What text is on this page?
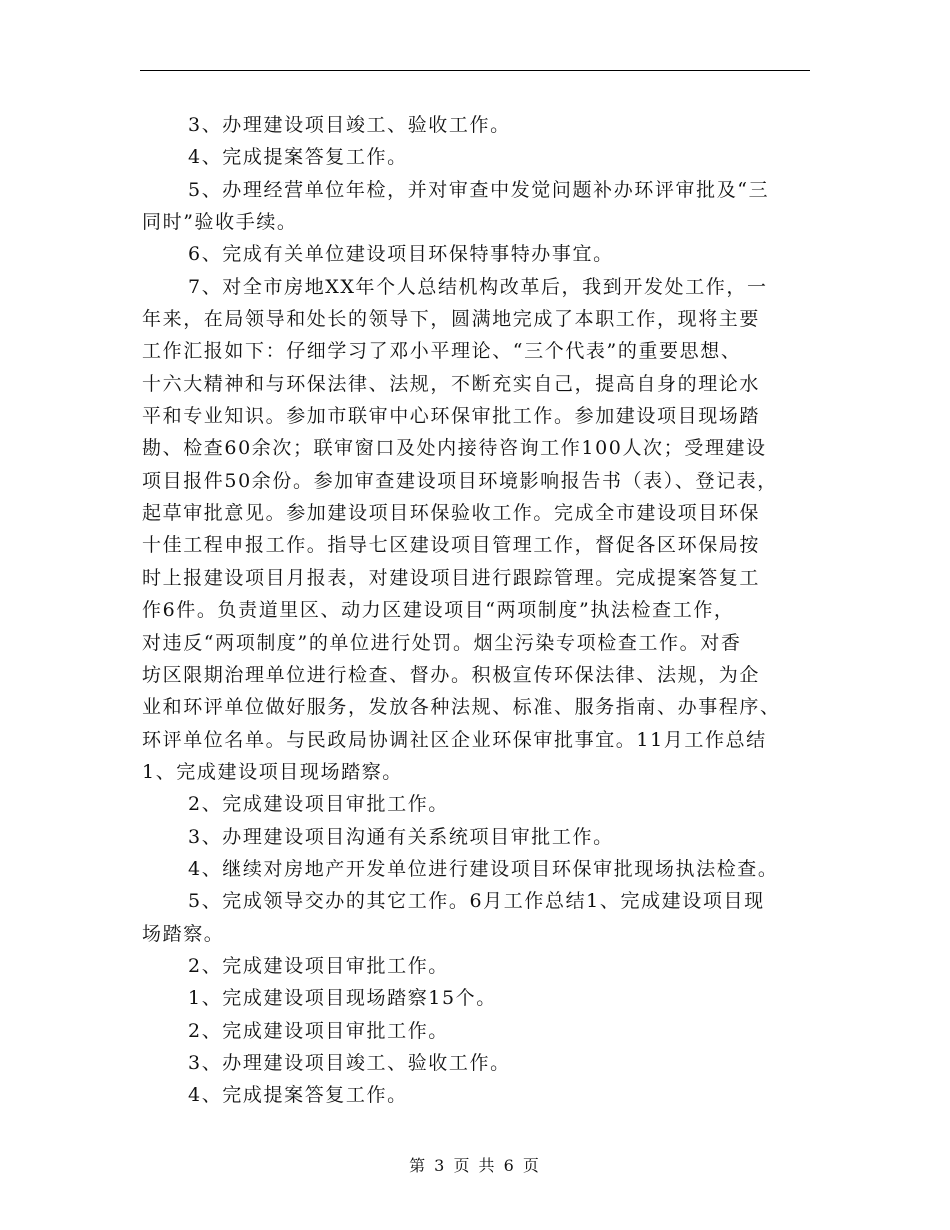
3、办理建设项目竣工、验收工作。
4、完成提案答复工作。
5、办理经营单位年检，并对审查中发觉问题补办环评审批及“三
同时”验收手续。
6、完成有关单位建设项目环保特事特办事宜。
7、对全市房地XX年个人总结机构改革后，我到开发处工作，一
年来，在局领导和处长的领导下，圆满地完成了本职工作，现将主要
工作汇报如下：仔细学习了邓小平理论、“三个代表”的重要思想、
十六大精神和与环保法律、法规，不断充实自己，提高自身的理论水
平和专业知识。参加市联审中心环保审批工作。参加建设项目现场踏
勘、检查60余次；联审窗口及处内接待咨询工作100人次；受理建设
项目报件50余份。参加审查建设项目环境影响报告书（表）、登记表，
起草审批意见。参加建设项目环保验收工作。完成全市建设项目环保
十佳工程申报工作。指导七区建设项目管理工作，督促各区环保局按
时上报建设项目月报表，对建设项目进行跟踪管理。完成提案答复工
作6件。负责道里区、动力区建设项目“两项制度”执法检查工作，
对违反“两项制度”的单位进行处罚。烟尘污染专项检查工作。对香
坊区限期治理单位进行检查、督办。积极宣传环保法律、法规，为企
业和环评单位做好服务，发放各种法规、标准、服务指南、办事程序、
环评单位名单。与民政局协调社区企业环保审批事宜。11月工作总结
1、完成建设项目现场踏察。
2、完成建设项目审批工作。
3、办理建设项目沟通有关系统项目审批工作。
4、继续对房地产开发单位进行建设项目环保审批现场执法检查。
5、完成领导交办的其它工作。6月工作总结1、完成建设项目现
场踏察。
2、完成建设项目审批工作。
1、完成建设项目现场踏察15个。
2、完成建设项目审批工作。
3、办理建设项目竣工、验收工作。
4、完成提案答复工作。
第 3 页 共 6 页
